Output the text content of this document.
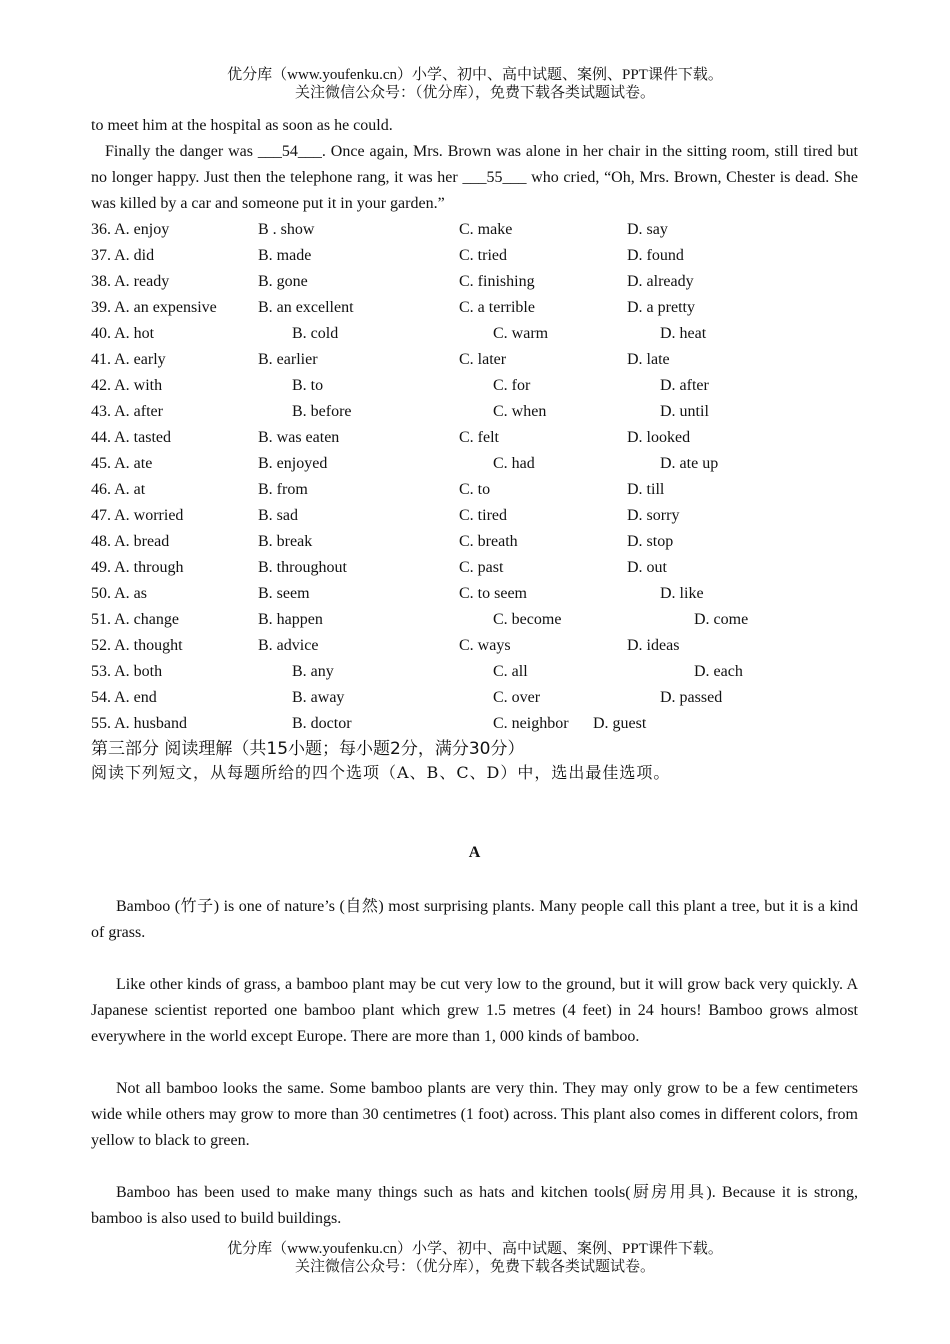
优分库（www.youfenku.cn）小学、初中、高中试题、案例、PPT课件下载。
关注微信公众号：（优分库），免费下载各类试题试卷。

to meet him at the hospital as soon as he could.

Finally the danger was ___54___. Once again, Mrs. Brown was alone in her chair in the sitting room, still tired but no longer happy. Just then the telephone rang, it was her ___55___ who cried, “Oh, Mrs. Brown, Chester is dead. She was killed by a car and someone put it in your garden.”

36. A. enjoy	B . show	C. make	D. say
37. A. did	B. made	C. tried	D. found
38. A. ready	B. gone	C. finishing	D. already
39. A. an expensive	B. an excellent	C. a terrible	D. a pretty
40. A. hot	B. cold	C. warm	D. heat
41. A. early	B. earlier	C. later	D. late
42. A. with	B. to	C. for	D. after
43. A. after	B. before	C. when	D. until
44. A. tasted	B. was eaten	C. felt	D. looked
45. A. ate	B. enjoyed	C. had	D. ate up
46. A. at	B. from	C. to	D. till
47. A. worried	B. sad	C. tired	D. sorry
48. A. bread	B. break	C. breath	D. stop
49. A. through	B. throughout	C. past	D. out
50. A. as	B. seem	C. to seem	D. like
51. A. change	B. happen	C. become	D. come
52. A. thought	B. advice	C. ways	D. ideas
53. A. both	B. any	C. all	D. each
54. A. end	B. away	C. over	D. passed
55. A. husband	B. doctor	C. neighbor D. guest
第三部分 阅读理解（共15小题；每小题2分，满分30分）
阅读下列短文，从每题所给的四个选项（A、B、C、D）中，选出最佳选项。
A

Bamboo (竹子) is one of nature’s (自然) most surprising plants. Many people call this plant a tree, but it is a kind of grass.

Like other kinds of grass, a bamboo plant may be cut very low to the ground, but it will grow back very quickly. A Japanese scientist reported one bamboo plant which grew 1.5 metres (4 feet) in 24 hours! Bamboo grows almost everywhere in the world except Europe. There are more than 1, 000 kinds of bamboo.

Not all bamboo looks the same. Some bamboo plants are very thin. They may only grow to be a few centimeters wide while others may grow to more than 30 centimetres (1 foot) across. This plant also comes in different colors, from yellow to black to green.

Bamboo has been used to make many things such as hats and kitchen tools(厨房用具). Because it is strong, bamboo is also used to build buildings.

优分库（www.youfenku.cn）小学、初中、高中试题、案例、PPT课件下载。
关注微信公众号：（优分库），免费下载各类试题试卷。
